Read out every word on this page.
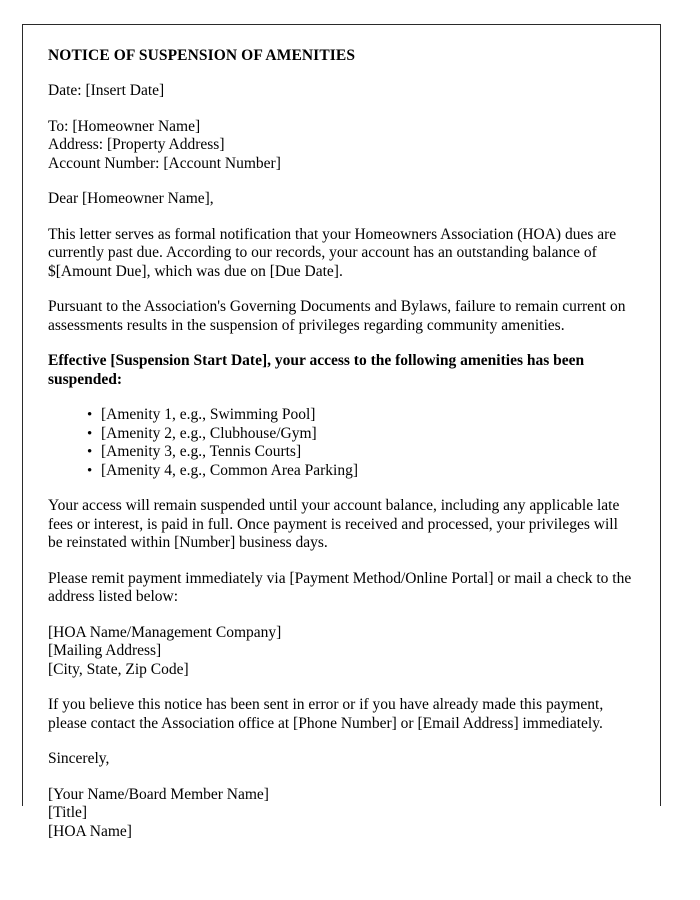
NOTICE OF SUSPENSION OF AMENITIES
Date: [Insert Date]
To: [Homeowner Name]
Address: [Property Address]
Account Number: [Account Number]
Dear [Homeowner Name],
This letter serves as formal notification that your Homeowners Association (HOA) dues are currently past due. According to our records, your account has an outstanding balance of $[Amount Due], which was due on [Due Date].
Pursuant to the Association's Governing Documents and Bylaws, failure to remain current on assessments results in the suspension of privileges regarding community amenities.
Effective [Suspension Start Date], your access to the following amenities has been suspended:
• [Amenity 1, e.g., Swimming Pool]
• [Amenity 2, e.g., Clubhouse/Gym]
• [Amenity 3, e.g., Tennis Courts]
• [Amenity 4, e.g., Common Area Parking]
Your access will remain suspended until your account balance, including any applicable late fees or interest, is paid in full. Once payment is received and processed, your privileges will be reinstated within [Number] business days.
Please remit payment immediately via [Payment Method/Online Portal] or mail a check to the address listed below:
[HOA Name/Management Company]
[Mailing Address]
[City, State, Zip Code]
If you believe this notice has been sent in error or if you have already made this payment, please contact the Association office at [Phone Number] or [Email Address] immediately.
Sincerely,
[Your Name/Board Member Name]
[Title]
[HOA Name]
